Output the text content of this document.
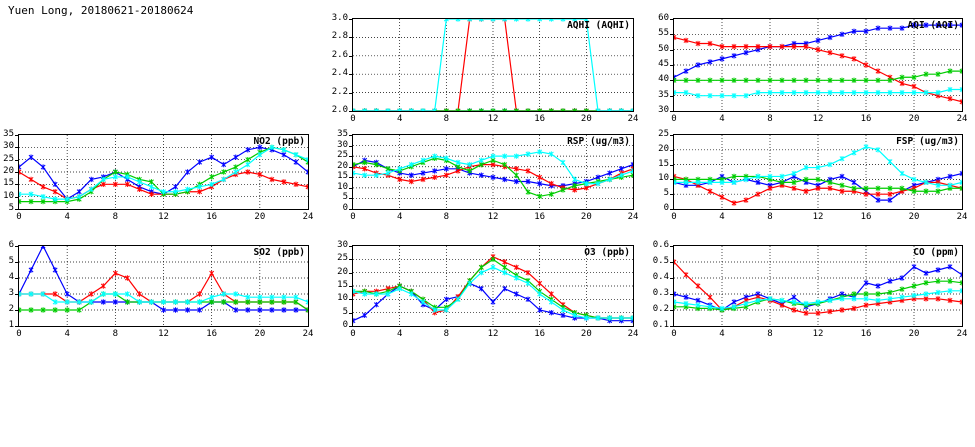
Yuen Long, 20180621-20180624
AQHI (AQHI)
0	4	8	12	16	20	24
2.0
2.2
2.4
2.6
2.8
3.0
AQI (AQI)
0	4	8	12	16	20	24
30
35
40
45
50
55
60
NO2 (ppb)
0	4	8	12	16	20	24
5
10
15
20
25
30
35
RSP (ug/m3)
0	4	8	12	16	20	24
0
5
10
15
20
25
30
35
FSP (ug/m3)
0	4	8	12	16	20	24
0
5
10
15
20
25
SO2 (ppb)
0	4	8	12	16	20	24
1
2
3
4
5
6
O3 (ppb)
0	4	8	12	16	20	24
0
5
10
15
20
25
30
CO (ppm)
0	4	8	12	16	20	24
0.1
0.2
0.3
0.4
0.5
0.6
